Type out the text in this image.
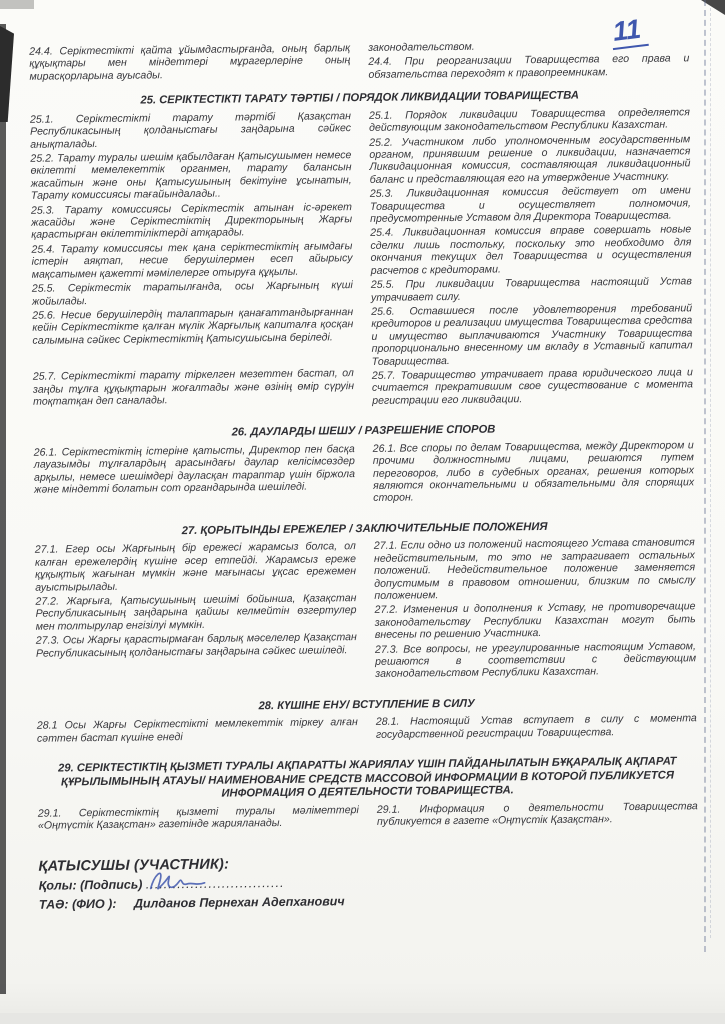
11

24.4. Серіктестікті қайта ұйымдастырғанда, оның барлық құқықтары мен міндеттері мұрагерлеріне оның мирасқорларына ауысады.

законодательством.

24.4. При реорганизации Товарищества его права и обязательства переходят к правопреемникам.

25. СЕРІКТЕСТІКТІ ТАРАТУ ТӘРТІБІ / ПОРЯДОК ЛИКВИДАЦИИ ТОВАРИЩЕСТВА

25.1. Серіктестікті тарату тәртібі Қазақстан Республикасының қолданыстағы заңдарына сәйкес анықталады.

25.2. Тарату туралы шешім қабылдаған Қатысушымен немесе өкілетті мемелекеттік органмен, тарату балансын жасайтын және оны Қатысушының бекітуіне ұсынатын, Тарату комиссиясы тағайындалады..

25.3. Тарату комиссиясы Серіктестік атынан іс-әрекет жасайды және Серіктестіктің Директорының Жарғы қарастырған өкілеттіліктерді атқарады.

25.4. Тарату комиссиясы тек қана серіктестіктің ағымдағы істерін аяқтап, несие берушілермен есеп айырысу мақсатымен қажетті мәмілелерге отыруға құқылы.

25.5. Серіктестік таратылғанда, осы Жарғының күші жойылады.

25.6. Несие берушілердің талаптарын қанағаттандырғаннан кейін Серіктестікте қалған мүлік Жарғылық капиталға қосқан салымына сәйкес Серіктестіктің Қатысушысына беріледі.

25.7. Серіктестікті тарату тіркелген мезеттен бастап, ол заңды тұлға құқықтарын жоғалтады және өзінің өмір сүруін тоқтатқан деп саналады.

25.1. Порядок ликвидации Товарищества определяется действующим законодательством Республики Казахстан.

25.2. Участником либо уполномоченным государственным органом, принявшим решение о ликвидации, назначается Ликвидационная комиссия, составляющая ликвидационный баланс и представляющая его на утверждение Участнику.

25.3. Ликвидационная комиссия действует от имени Товарищества и осуществляет полномочия, предусмотренные Уставом для Директора Товарищества.

25.4. Ликвидационная комиссия вправе совершать новые сделки лишь постольку, поскольку это необходимо для окончания текущих дел Товарищества и осуществления расчетов с кредиторами.

25.5. При ликвидации Товарищества настоящий Устав утрачивает силу.

25.6. Оставшиеся после удовлетворения требований кредиторов и реализации имущества Товарищества средства и имущество выплачиваются Участнику Товарищества пропорционально внесенному им вкладу в Уставный капитал Товарищества.

25.7. Товарищество утрачивает права юридического лица и считается прекратившим свое существование с момента регистрации его ликвидации.

26. ДАУЛАРДЫ ШЕШУ / РАЗРЕШЕНИЕ СПОРОВ

26.1. Серіктестіктің істеріне қатысты, Директор пен басқа лауазымды тұлғалардың арасындағы даулар келісімсөздер арқылы, немесе шешімдері дауласқан тараптар үшін біржола және міндетті болатын сот органдарында шешіледі.

26.1. Все споры по делам Товарищества, между Директором и прочими должностными лицами, решаются путем переговоров, либо в судебных органах, решения которых являются окончательными и обязательными для спорящих сторон.

27. ҚОРЫТЫНДЫ ЕРЕЖЕЛЕР / ЗАКЛЮЧИТЕЛЬНЫЕ ПОЛОЖЕНИЯ

27.1. Егер осы Жарғының бір ережесі жарамсыз болса, ол калған ережелердің күшіне әсер етпейді. Жарамсыз ереже құқықтық жағынан мүмкін және мағынасы ұқсас ережемен ауыстырылады.

27.2. Жарғыға, Қатысушының шешімі бойынша, Қазақстан Республикасының заңдарына қайшы келмейтін өзгертулер мен толтырулар енгізілуі мүмкін.

27.3. Осы Жарғы қарастырмаған барлық мәселелер Қазақстан Республикасының қолданыстағы заңдарына сәйкес шешіледі.

27.1. Если одно из положений настоящего Устава становится недействительным, то это не затрагивает остальных положений. Недействительное положение заменяется допустимым в правовом отношении, близким по смыслу положением.

27.2. Изменения и дополнения к Уставу, не противоречащие законодательству Республики Казахстан могут быть внесены по решению Участника.

27.3. Все вопросы, не урегулированные настоящим Уставом, решаются в соответствии с действующим законодательством Республики Казахстан.

28. КҮШІНЕ ЕНУ/ ВСТУПЛЕНИЕ В СИЛУ

28.1 Осы Жарғы Серіктестікті мемлекеттік тіркеу алған сәттен бастап күшіне енеді

28.1. Настоящий Устав вступает в силу с момента государственной регистрации Товарищества.

29. СЕРІКТЕСТІКТІҢ ҚЫЗМЕТІ ТУРАЛЫ АҚПАРАТТЫ ЖАРИЯЛАУ ҮШІН ПАЙДАНЫЛАТЫН БҰҚАРАЛЫҚ АҚПАРАТ ҚҰРЫЛЫМЫНЫҢ АТАУЫ/ НАИМЕНОВАНИЕ СРЕДСТВ МАССОВОЙ ИНФОРМАЦИИ В КОТОРОЙ ПУБЛИКУЕТСЯ ИНФОРМАЦИЯ О ДЕЯТЕЛЬНОСТИ ТОВАРИЩЕСТВА.

29.1. Серіктестіктің қызметі туралы мәліметтері «Оңтүстік Қазақстан» газетінде жарияланады.

29.1. Информация о деятельности Товарищества публикуется в газете «Оңтүстік Қазақстан».

ҚАТЫСУШЫ (УЧАСТНИК):
Қолы: (Подпись) ...............................
ТАӘ: (ФИО ): Дилданов Пернехан Адепханович
